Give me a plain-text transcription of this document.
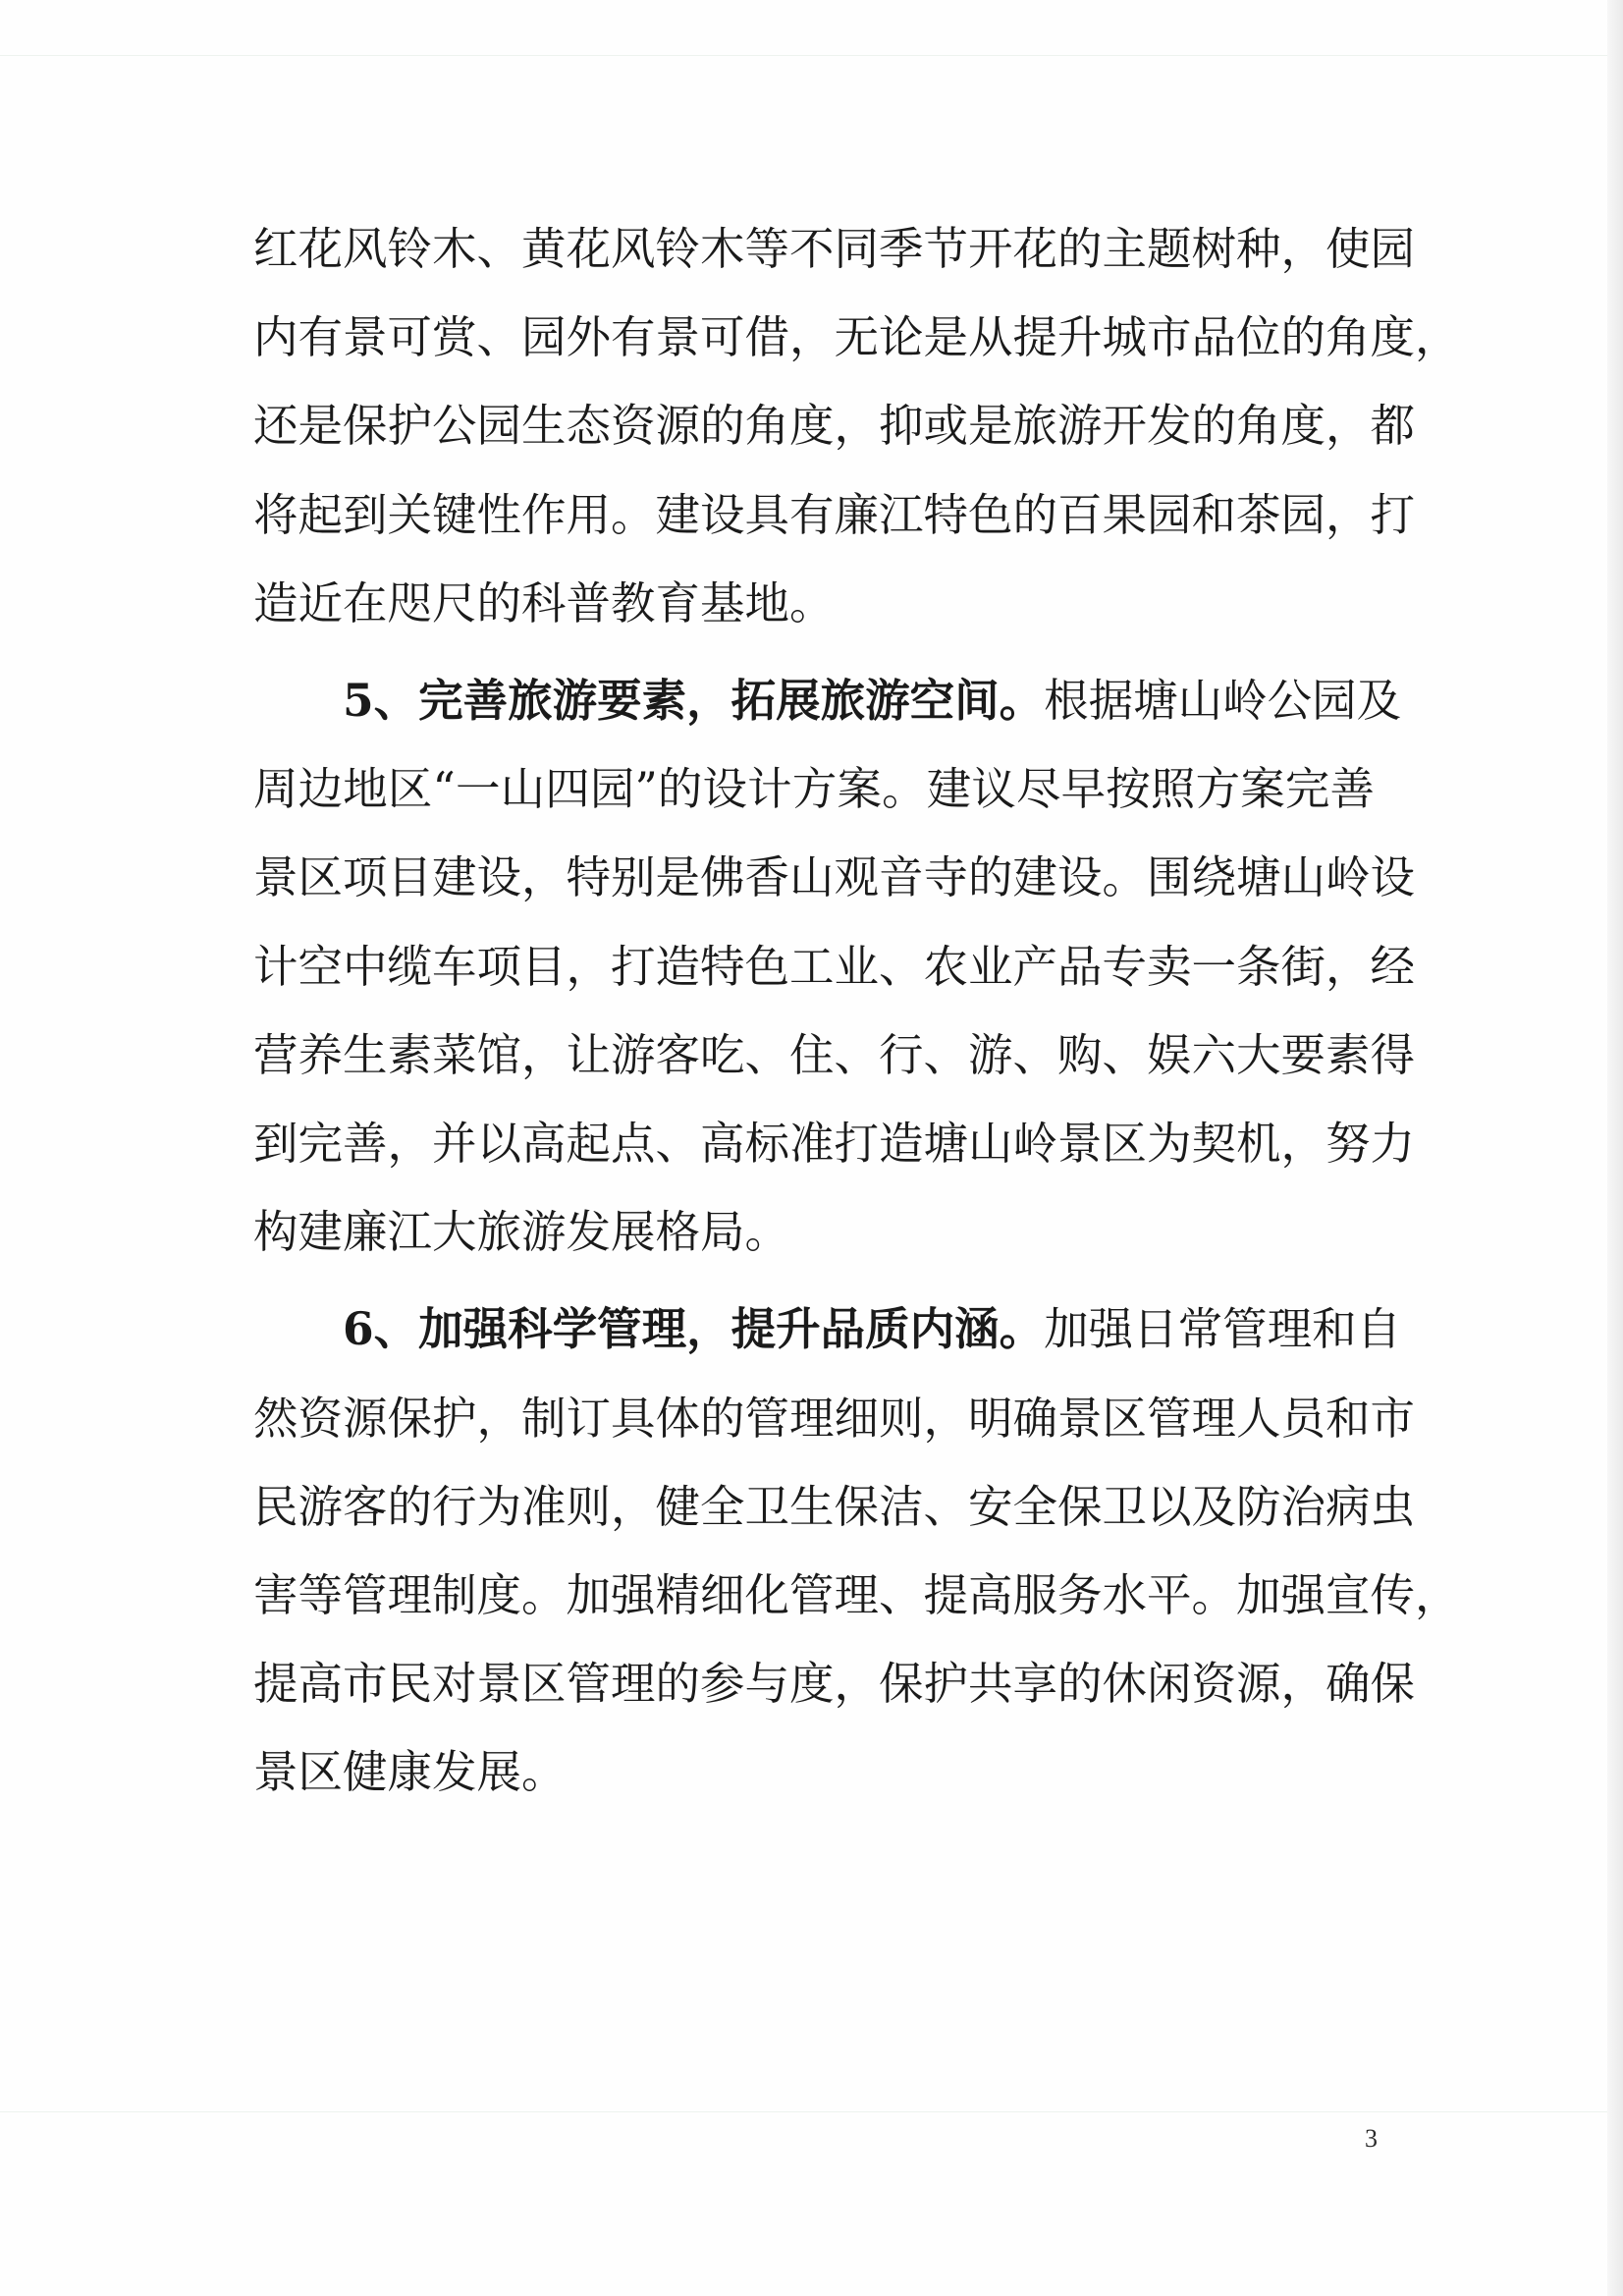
红花风铃木、黄花风铃木等不同季节开花的主题树种，使园
内有景可赏、园外有景可借，无论是从提升城市品位的角度，
还是保护公园生态资源的角度，抑或是旅游开发的角度，都
将起到关键性作用。建设具有廉江特色的百果园和茶园，打
造近在咫尺的科普教育基地。

5、完善旅游要素，拓展旅游空间。根据塘山岭公园及
周边地区“一山四园”的设计方案。建议尽早按照方案完善
景区项目建设，特别是佛香山观音寺的建设。围绕塘山岭设
计空中缆车项目，打造特色工业、农业产品专卖一条街，经
营养生素菜馆，让游客吃、住、行、游、购、娱六大要素得
到完善，并以高起点、高标准打造塘山岭景区为契机，努力
构建廉江大旅游发展格局。

6、加强科学管理，提升品质内涵。加强日常管理和自
然资源保护，制订具体的管理细则，明确景区管理人员和市
民游客的行为准则，健全卫生保洁、安全保卫以及防治病虫
害等管理制度。加强精细化管理、提高服务水平。加强宣传，
提高市民对景区管理的参与度，保护共享的休闲资源，确保
景区健康发展。

3
